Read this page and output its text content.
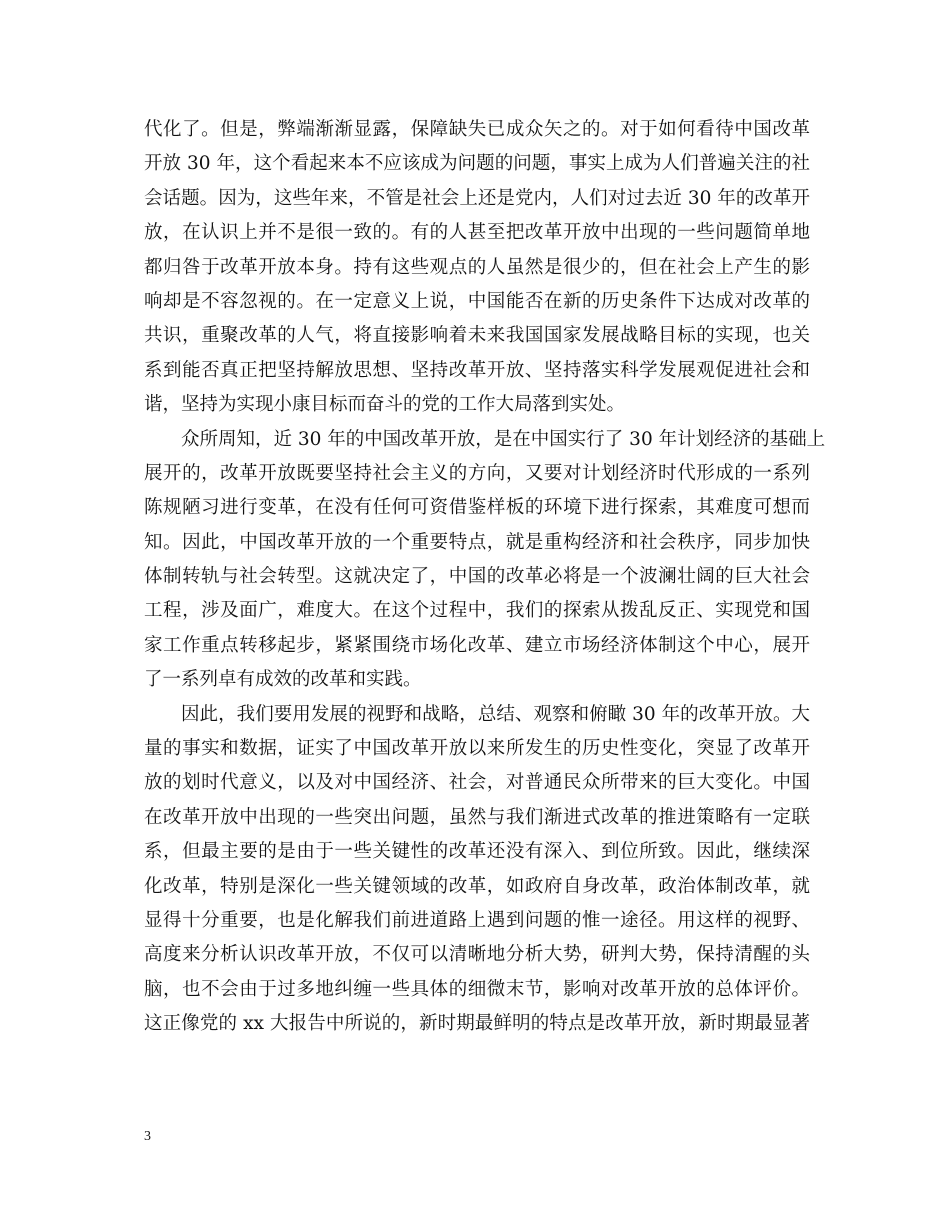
代化了。但是，弊端渐渐显露，保障缺失已成众矢之的。对于如何看待中国改革
开放 30 年，这个看起来本不应该成为问题的问题，事实上成为人们普遍关注的社
会话题。因为，这些年来，不管是社会上还是党内，人们对过去近 30 年的改革开
放，在认识上并不是很一致的。有的人甚至把改革开放中出现的一些问题简单地
都归咎于改革开放本身。持有这些观点的人虽然是很少的，但在社会上产生的影
响却是不容忽视的。在一定意义上说，中国能否在新的历史条件下达成对改革的
共识，重聚改革的人气，将直接影响着未来我国国家发展战略目标的实现，也关
系到能否真正把坚持解放思想、坚持改革开放、坚持落实科学发展观促进社会和
谐，坚持为实现小康目标而奋斗的党的工作大局落到实处。
众所周知，近 30 年的中国改革开放，是在中国实行了 30 年计划经济的基础上
展开的，改革开放既要坚持社会主义的方向，又要对计划经济时代形成的一系列
陈规陋习进行变革，在没有任何可资借鉴样板的环境下进行探索，其难度可想而
知。因此，中国改革开放的一个重要特点，就是重构经济和社会秩序，同步加快
体制转轨与社会转型。这就决定了，中国的改革必将是一个波澜壮阔的巨大社会
工程，涉及面广，难度大。在这个过程中，我们的探索从拨乱反正、实现党和国
家工作重点转移起步，紧紧围绕市场化改革、建立市场经济体制这个中心，展开
了一系列卓有成效的改革和实践。
因此，我们要用发展的视野和战略，总结、观察和俯瞰 30 年的改革开放。大
量的事实和数据，证实了中国改革开放以来所发生的历史性变化，突显了改革开
放的划时代意义，以及对中国经济、社会，对普通民众所带来的巨大变化。中国
在改革开放中出现的一些突出问题，虽然与我们渐进式改革的推进策略有一定联
系，但最主要的是由于一些关键性的改革还没有深入、到位所致。因此，继续深
化改革，特别是深化一些关键领域的改革，如政府自身改革，政治体制改革，就
显得十分重要，也是化解我们前进道路上遇到问题的惟一途径。用这样的视野、
高度来分析认识改革开放，不仅可以清晰地分析大势，研判大势，保持清醒的头
脑，也不会由于过多地纠缠一些具体的细微末节，影响对改革开放的总体评价。
这正像党的 xx 大报告中所说的，新时期最鲜明的特点是改革开放，新时期最显著
3
